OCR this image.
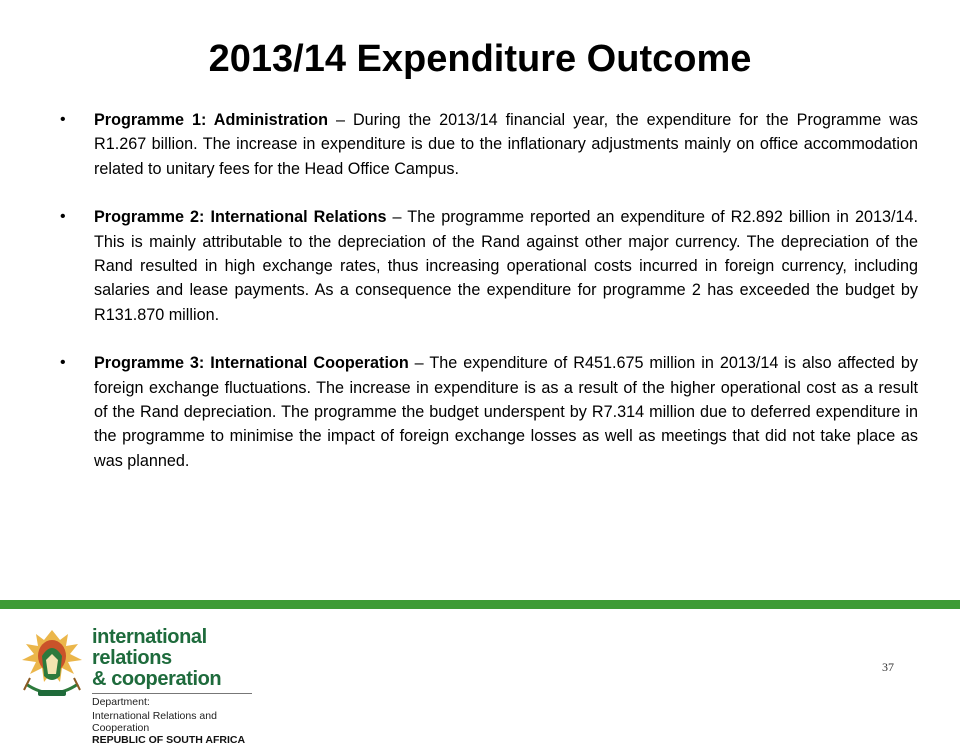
2013/14 Expenditure Outcome
• Programme 1: Administration – During the 2013/14 financial year, the expenditure for the Programme was R1.267 billion. The increase in expenditure is due to the inflationary adjustments mainly on office accommodation related to unitary fees for the Head Office Campus.
• Programme 2: International Relations – The programme reported an expenditure of R2.892 billion in 2013/14. This is mainly attributable to the depreciation of the Rand against other major currency. The depreciation of the Rand resulted in high exchange rates, thus increasing operational costs incurred in foreign currency, including salaries and lease payments. As a consequence the expenditure for programme 2 has exceeded the budget by R131.870 million.
• Programme 3: International Cooperation – The expenditure of R451.675 million in 2013/14 is also affected by foreign exchange fluctuations. The increase in expenditure is as a result of the higher operational cost as a result of the Rand depreciation. The programme the budget underspent by R7.314 million due to deferred expenditure in the programme to minimise the impact of foreign exchange losses as well as meetings that did not take place as was planned.
international relations
& cooperation
Department:
International Relations and Cooperation
REPUBLIC OF SOUTH AFRICA
37
